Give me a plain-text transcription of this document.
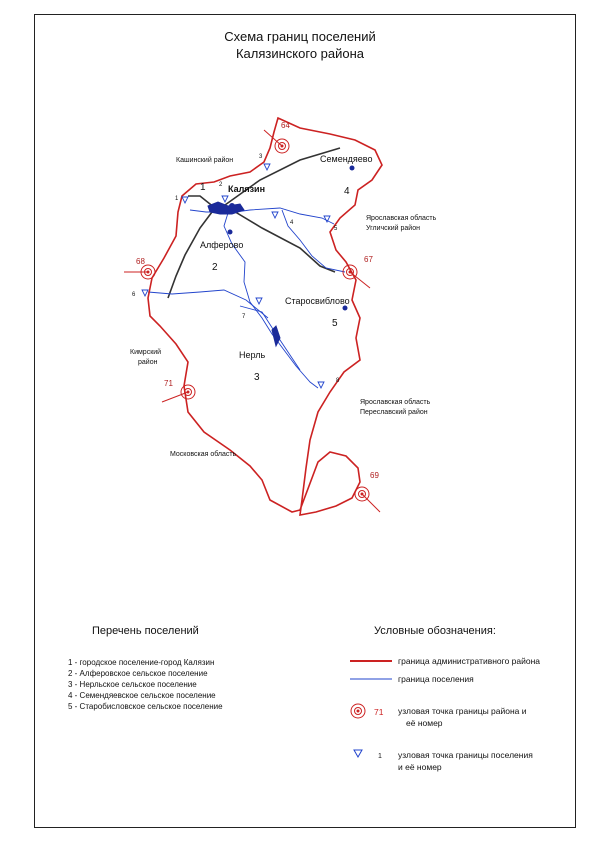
Схема границ поселений
Калязинского района
1
2
3
4
5
Калязин
Семендяево
Алферово
Старосвиблово
Нерль
Кашинский район
Ярославская область
Угличский район
Кимрский
район
Ярославская область
Переславский район
Московская область
64
67
68
71
69
1
2
3
4
5
6
7
8
Перечень поселений
1 - городское поселение-город Калязин
2 - Алферовское сельское поселение
3 - Нерльское сельское поселение
4 - Семендяевское сельское поселение
5 - Старобисловское сельское поселение
Условные обозначения:
71
1
граница административного района
граница поселения
узловая точка границы района и
её номер
узловая точка границы поселения
и её номер
